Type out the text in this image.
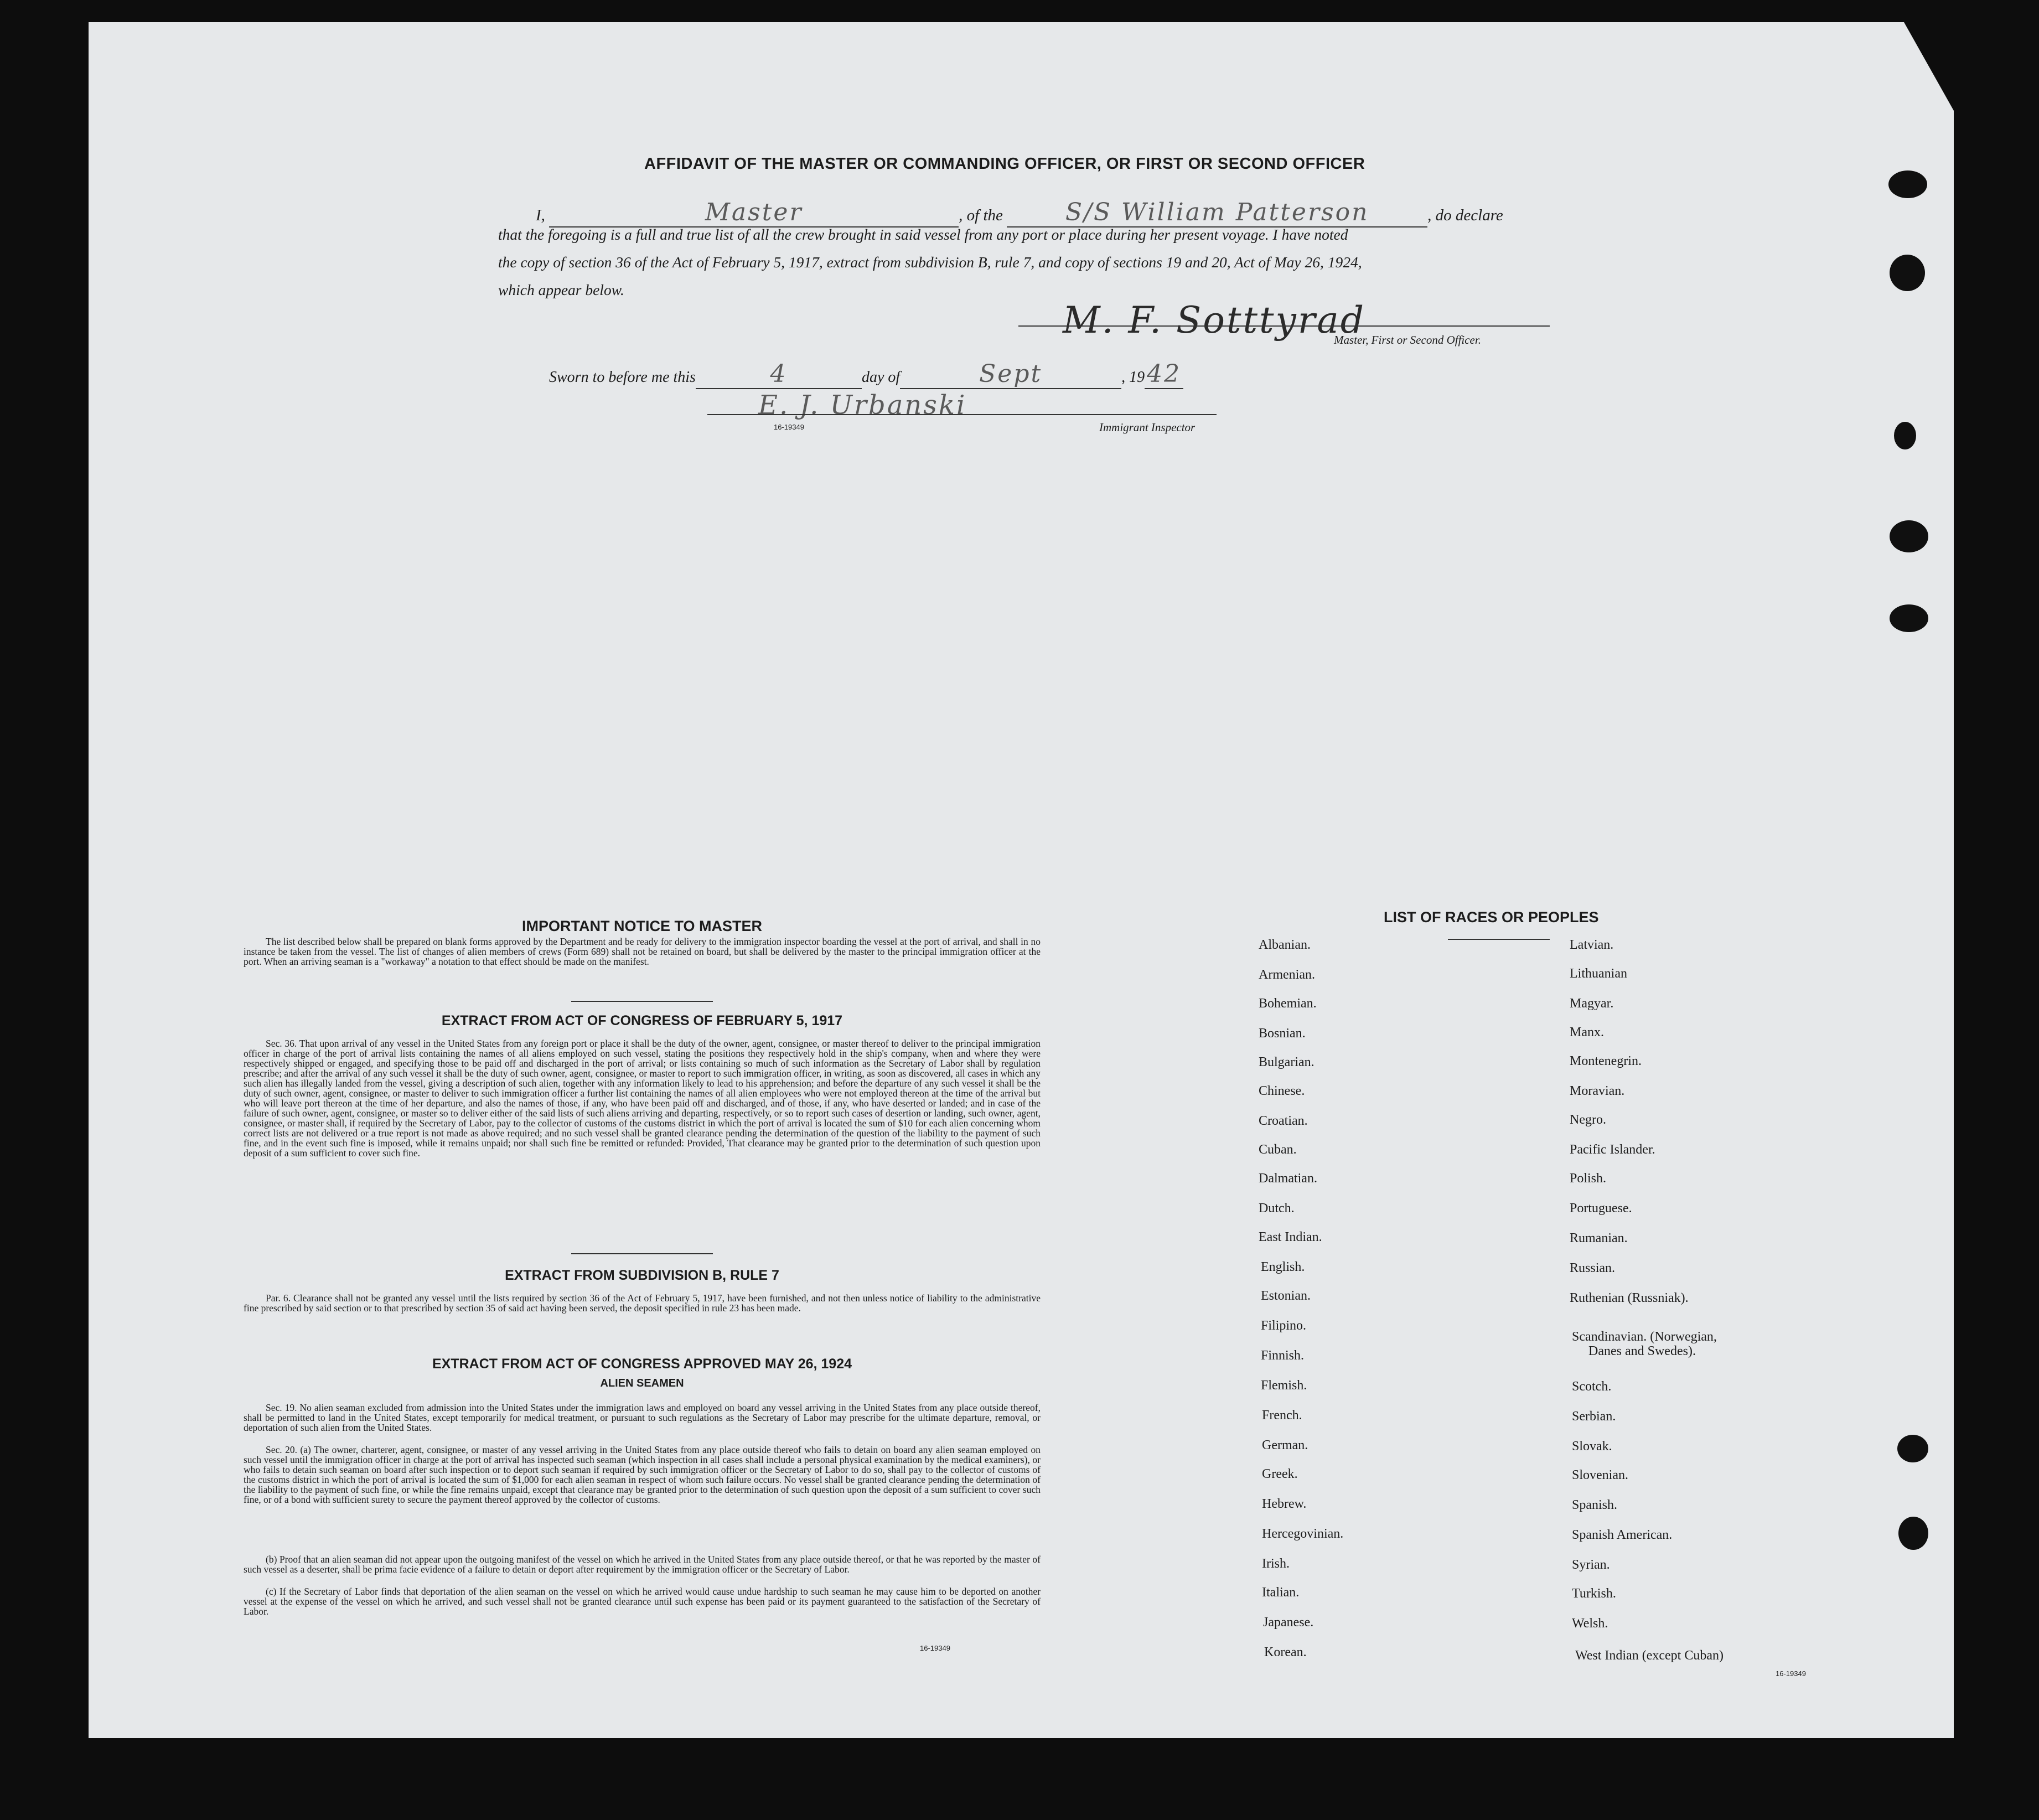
AFFIDAVIT OF THE MASTER OR COMMANDING OFFICER, OR FIRST OR SECOND OFFICER
I,	Master	, of the	S/S William Patterson	, do declare
that the foregoing is a full and true list of all the crew brought in said vessel from any port or place during her present voyage. I have noted
the copy of section 36 of the Act of February 5, 1917, extract from subdivision B, rule 7, and copy of sections 19 and 20, Act of May 26, 1924,
which appear below.
M. F. Sotttyrad
Master, First or Second Officer.
Sworn to before me this	4	day of	Sept	, 1942
E. J. Urbanski
16-19349	Immigrant Inspector
IMPORTANT NOTICE TO MASTER
The list described below shall be prepared on blank forms approved by the Department and be ready for delivery to the immigration inspector boarding the vessel at the port of arrival, and shall in no instance be taken from the vessel. The list of changes of alien members of crews (Form 689) shall not be retained on board, but shall be delivered by the master to the principal immigration officer at the port. When an arriving seaman is a "workaway" a notation to that effect should be made on the manifest.
EXTRACT FROM ACT OF CONGRESS OF FEBRUARY 5, 1917
Sec. 36. That upon arrival of any vessel in the United States from any foreign port or place it shall be the duty of the owner, agent, consignee, or master thereof to deliver to the principal immigration officer in charge of the port of arrival lists containing the names of all aliens employed on such vessel, stating the positions they respectively hold in the ship's company, when and where they were respectively shipped or engaged, and specifying those to be paid off and discharged in the port of arrival; or lists containing so much of such information as the Secretary of Labor shall by regulation prescribe; and after the arrival of any such vessel it shall be the duty of such owner, agent, consignee, or master to report to such immigration officer, in writing, as soon as discovered, all cases in which any such alien has illegally landed from the vessel, giving a description of such alien, together with any information likely to lead to his apprehension; and before the departure of any such vessel it shall be the duty of such owner, agent, consignee, or master to deliver to such immigration officer a further list containing the names of all alien employees who were not employed thereon at the time of the arrival but who will leave port thereon at the time of her departure, and also the names of those, if any, who have been paid off and discharged, and of those, if any, who have deserted or landed; and in case of the failure of such owner, agent, consignee, or master so to deliver either of the said lists of such aliens arriving and departing, respectively, or so to report such cases of desertion or landing, such owner, agent, consignee, or master shall, if required by the Secretary of Labor, pay to the collector of customs of the customs district in which the port of arrival is located the sum of $10 for each alien concerning whom correct lists are not delivered or a true report is not made as above required; and no such vessel shall be granted clearance pending the determination of the question of the liability to the payment of such fine, and in the event such fine is imposed, while it remains unpaid; nor shall such fine be remitted or refunded: Provided, That clearance may be granted prior to the determination of such question upon deposit of a sum sufficient to cover such fine.
EXTRACT FROM SUBDIVISION B, RULE 7
Par. 6. Clearance shall not be granted any vessel until the lists required by section 36 of the Act of February 5, 1917, have been furnished, and not then unless notice of liability to the administrative fine prescribed by said section or to that prescribed by section 35 of said act having been served, the deposit specified in rule 23 has been made.
EXTRACT FROM ACT OF CONGRESS APPROVED MAY 26, 1924
ALIEN SEAMEN
Sec. 19. No alien seaman excluded from admission into the United States under the immigration laws and employed on board any vessel arriving in the United States from any place outside thereof, shall be permitted to land in the United States, except temporarily for medical treatment, or pursuant to such regulations as the Secretary of Labor may prescribe for the ultimate departure, removal, or deportation of such alien from the United States.
Sec. 20. (a) The owner, charterer, agent, consignee, or master of any vessel arriving in the United States from any place outside thereof who fails to detain on board any alien seaman employed on such vessel until the immigration officer in charge at the port of arrival has inspected such seaman (which inspection in all cases shall include a personal physical examination by the medical examiners), or who fails to detain such seaman on board after such inspection or to deport such seaman if required by such immigration officer or the Secretary of Labor to do so, shall pay to the collector of customs of the customs district in which the port of arrival is located the sum of $1,000 for each alien seaman in respect of whom such failure occurs. No vessel shall be granted clearance pending the determination of the liability to the payment of such fine, or while the fine remains unpaid, except that clearance may be granted prior to the determination of such question upon the deposit of a sum sufficient to cover such fine, or of a bond with sufficient surety to secure the payment thereof approved by the collector of customs.
(b) Proof that an alien seaman did not appear upon the outgoing manifest of the vessel on which he arrived in the United States from any place outside thereof, or that he was reported by the master of such vessel as a deserter, shall be prima facie evidence of a failure to detain or deport after requirement by the immigration officer or the Secretary of Labor.
(c) If the Secretary of Labor finds that deportation of the alien seaman on the vessel on which he arrived would cause undue hardship to such seaman he may cause him to be deported on another vessel at the expense of the vessel on which he arrived, and such vessel shall not be granted clearance until such expense has been paid or its payment guaranteed to the satisfaction of the Secretary of Labor.
16-19349
LIST OF RACES OR PEOPLES
Albanian.
Armenian.
Bohemian.
Bosnian.
Bulgarian.
Chinese.
Croatian.
Cuban.
Dalmatian.
Dutch.
East Indian.
English.
Estonian.
Filipino.
Finnish.
Flemish.
French.
German.
Greek.
Hebrew.
Hercegovinian.
Irish.
Italian.
Japanese.
Korean.
Latvian.
Lithuanian
Magyar.
Manx.
Montenegrin.
Moravian.
Negro.
Pacific Islander.
Polish.
Portuguese.
Rumanian.
Russian.
Ruthenian (Russniak).
Scandinavian. (Norwegian,
Danes and Swedes).
Scotch.
Serbian.
Slovak.
Slovenian.
Spanish.
Spanish American.
Syrian.
Turkish.
Welsh.
West Indian (except Cuban)
16-19349
